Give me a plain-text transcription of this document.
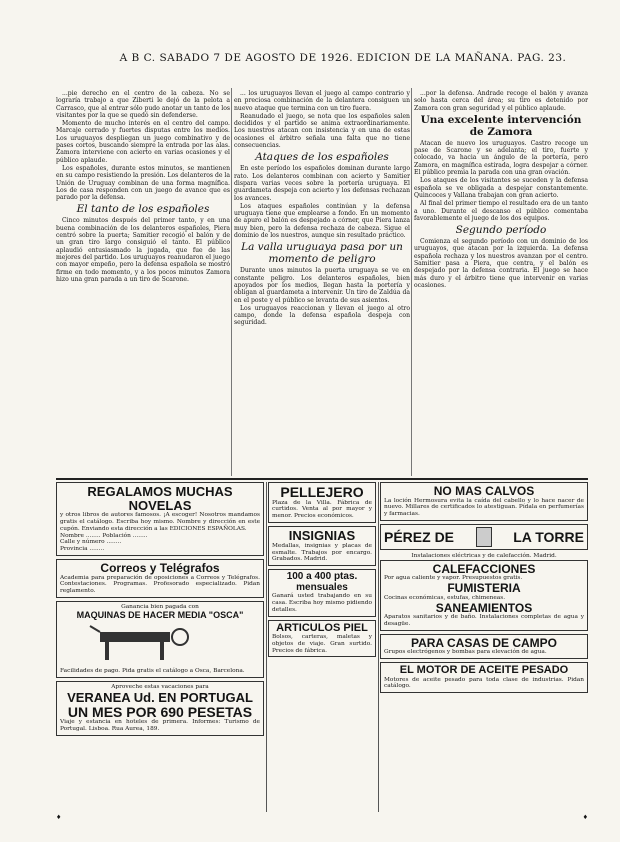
A B C. SABADO 7 DE AGOSTO DE 1926. EDICION DE LA MAÑANA. PAG. 23.

...pie derecho en el centro de la cabeza. No se lograría trabajo a que Ziberti le dejó de la pelota a Carrasco, que al entrar sólo pudo anotar un tanto de los visitantes por la que se quedó sin defenderse.

Momento de mucho interés en el centro del campo. Marcaje cerrado y fuertes disputas entre los medios. Los uruguayos despliegan un juego combinativo y de pases cortos, buscando siempre la entrada por las alas. Zamora interviene con acierto en varias ocasiones y el público aplaude.

Los españoles, durante estos minutos, se mantienen en su campo resistiendo la presión. Los delanteros de la Unión de Uruguay combinan de una forma magnífica. Los de casa responden con un juego de avance que es parado por la defensa.

El tanto de los españoles

Cinco minutos después del primer tanto, y en una buena combinación de los delanteros españoles, Piera centró sobre la puerta; Samitier recogió el balón y de un gran tiro largo consiguió el tanto. El público aplaudió entusiasmado la jugada, que fue de las mejores del partido. Los uruguayos reanudaron el juego con mayor empeño, pero la defensa española se mostró firme en todo momento, y a los pocos minutos Zamora hizo una gran parada a un tiro de Scarone.

... los uruguayos llevan el juego al campo contrario y en preciosa combinación de la delantera consiguen un nuevo ataque que termina con un tiro fuera.

Reanudado el juego, se nota que los españoles salen decididos y el partido se anima extraordinariamente. Los nuestros atacan con insistencia y en una de estas ocasiones el árbitro señala una falta que no tiene consecuencias.

Ataques de los españoles

En este período los españoles dominan durante largo rato. Los delanteros combinan con acierto y Samitier dispara varias veces sobre la portería uruguaya. El guardameta despeja con acierto y los defensas rechazan los avances.

Los ataques españoles continúan y la defensa uruguaya tiene que emplearse a fondo. En un momento de apuro el balón es despejado a córner, que Piera lanza muy bien, pero la defensa rechaza de cabeza. Sigue el dominio de los nuestros, aunque sin resultado práctico.

La valla uruguaya pasa por un momento de peligro

Durante unos minutos la puerta uruguaya se ve en constante peligro. Los delanteros españoles, bien apoyados por los medios, llegan hasta la portería y obligan al guardameta a intervenir. Un tiro de Zaldúa da en el poste y el público se levanta de sus asientos.

Los uruguayos reaccionan y llevan el juego al otro campo, donde la defensa española despeja con seguridad.

...por la defensa. Andrade recoge el balón y avanza solo hasta cerca del área; su tiro es detenido por Zamora con gran seguridad y el público aplaude.

Una excelente intervención de Zamora

Atacan de nuevo los uruguayos. Castro recoge un pase de Scarone y se adelanta; el tiro, fuerte y colocado, va hacia un ángulo de la portería, pero Zamora, en magnífica estirada, logra despejar a córner. El público premia la parada con una gran ovación.

Los ataques de los visitantes se suceden y la defensa española se ve obligada a despejar constantemente. Quincoces y Vallana trabajan con gran acierto.

Al final del primer tiempo el resultado era de un tanto a uno. Durante el descanso el público comentaba favorablemente el juego de los dos equipos.

Segundo período

Comienza el segundo período con un dominio de los uruguayos, que atacan por la izquierda. La defensa española rechaza y los nuestros avanzan por el centro. Samitier pasa a Piera, que centra, y el balón es despejado por la defensa contraria. El juego se hace más duro y el árbitro tiene que intervenir en varias ocasiones.

REGALAMOS MUCHAS NOVELAS
y otros libros de autores famosos. ¡A escoger! Nosotros mandamos gratis el catálogo. Escriba hoy mismo. Nombre y dirección en este cupón. Enviando esta dirección a las EDICIONES ESPAÑOLAS.
Nombre ........ Población ........
Calle y número ........
Provincia ........
Correos y Telégrafos
Academia para preparación de oposiciones a Correos y Telégrafos. Contestaciones. Programas. Profesorado especializado. Pidan reglamento.
Ganancia bien pagada con
MAQUINAS DE HACER MEDIA "OSCA"
Facilidades de pago. Pida gratis el catálogo a Osca, Barcelona.
Aproveche estas vacaciones para
VERANEA Ud. EN PORTUGAL
UN MES POR 690 PESETAS
Viaje y estancia en hoteles de primera. Informes: Turismo de Portugal. Lisboa. Rua Aurea, 189.
PELLEJERO
Plaza de la Villa. Fábrica de curtidos. Venta al por mayor y menor. Precios económicos.
INSIGNIAS
Medallas, insignias y placas de esmalte. Trabajos por encargo. Grabados. Madrid.
100 a 400 ptas. mensuales
Ganará usted trabajando en su casa. Escriba hoy mismo pidiendo detalles.
ARTICULOS PIEL
Bolsos, carteras, maletas y objetos de viaje. Gran surtido. Precios de fábrica.
NO MAS CALVOS
La loción Hermosura evita la caída del cabello y lo hace nacer de nuevo. Millares de certificados lo atestiguan. Pídala en perfumerías y farmacias.
PÉREZ DE	LA TORRE
Instalaciones eléctricas y de calefacción. Madrid.
CALEFACCIONES
Por agua caliente y vapor. Presupuestos gratis.
FUMISTERIA
Cocinas económicas, estufas, chimeneas.
SANEAMIENTOS
Aparatos sanitarios y de baño. Instalaciones completas de agua y desagüe.
PARA CASAS DE CAMPO
Grupos electrógenos y bombas para elevación de agua.
EL MOTOR DE ACEITE PESADO
Motores de aceite pesado para toda clase de industrias. Pidan catálogo.
♦	♦
